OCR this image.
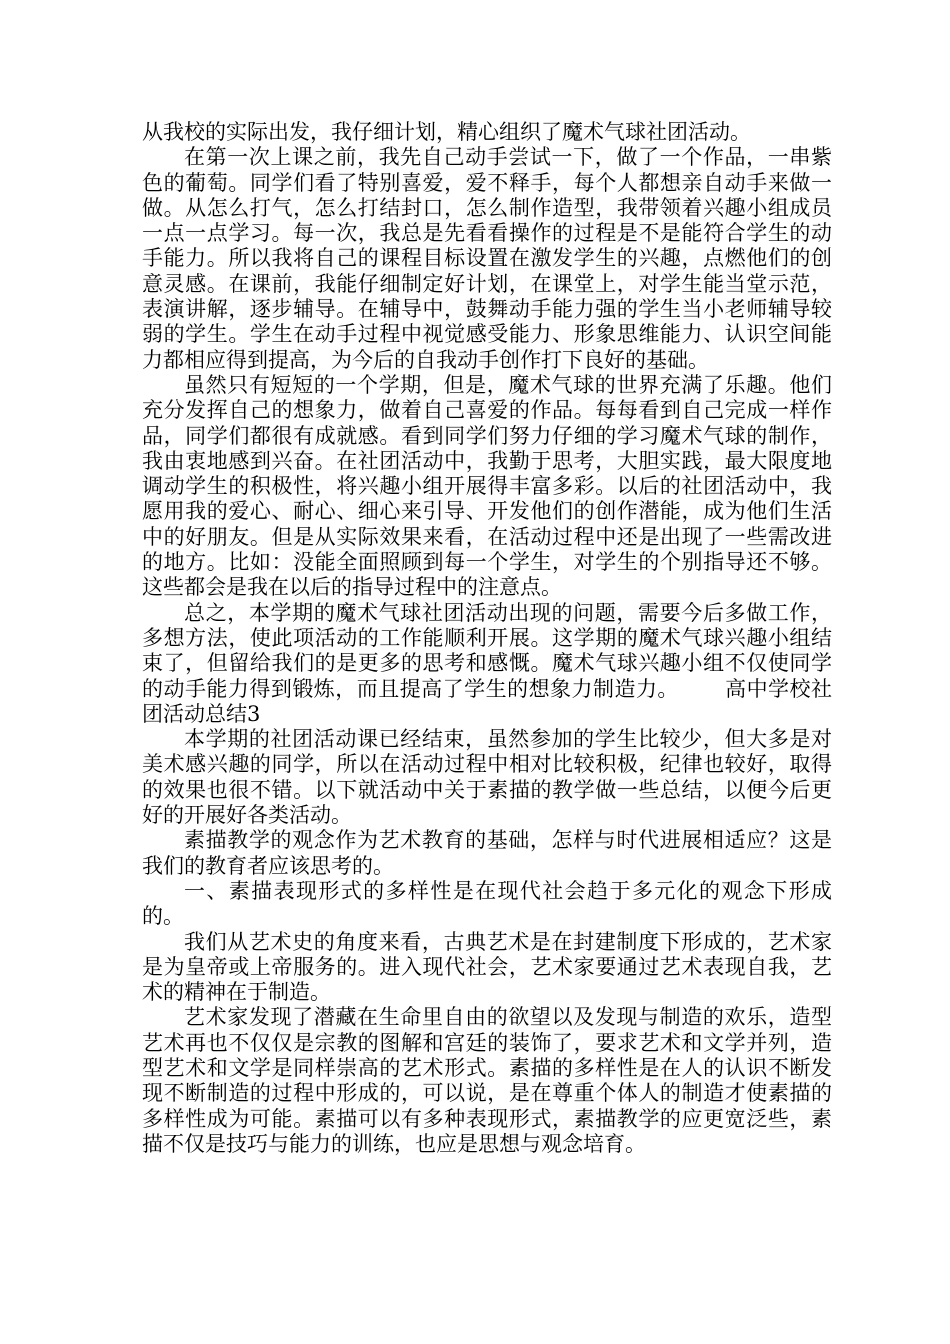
从我校的实际出发，我仔细计划，精心组织了魔术气球社团活动。

在第一次上课之前，我先自己动手尝试一下，做了一个作品，一串紫色的葡萄。同学们看了特别喜爱，爱不释手，每个人都想亲自动手来做一做。从怎么打气，怎么打结封口，怎么制作造型，我带领着兴趣小组成员一点一点学习。每一次，我总是先看看操作的过程是不是能符合学生的动手能力。所以我将自己的课程目标设置在激发学生的兴趣，点燃他们的创意灵感。在课前，我能仔细制定好计划，在课堂上，对学生能当堂示范，表演讲解，逐步辅导。在辅导中，鼓舞动手能力强的学生当小老师辅导较弱的学生。学生在动手过程中视觉感受能力、形象思维能力、认识空间能力都相应得到提高，为今后的自我动手创作打下良好的基础。

虽然只有短短的一个学期，但是，魔术气球的世界充满了乐趣。他们充分发挥自己的想象力，做着自己喜爱的作品。每每看到自己完成一样作品，同学们都很有成就感。看到同学们努力仔细的学习魔术气球的制作，我由衷地感到兴奋。在社团活动中，我勤于思考，大胆实践，最大限度地调动学生的积极性，将兴趣小组开展得丰富多彩。以后的社团活动中，我愿用我的爱心、耐心、细心来引导、开发他们的创作潜能，成为他们生活中的好朋友。但是从实际效果来看，在活动过程中还是出现了一些需改进的地方。比如：没能全面照顾到每一个学生，对学生的个别指导还不够。这些都会是我在以后的指导过程中的注意点。

总之，本学期的魔术气球社团活动出现的问题，需要今后多做工作，多想方法，使此项活动的工作能顺利开展。这学期的魔术气球兴趣小组结束了，但留给我们的是更多的思考和感慨。魔术气球兴趣小组不仅使同学的动手能力得到锻炼，而且提高了学生的想象力制造力。 高中学校社团活动总结3

本学期的社团活动课已经结束，虽然参加的学生比较少，但大多是对美术感兴趣的同学，所以在活动过程中相对比较积极，纪律也较好，取得的效果也很不错。以下就活动中关于素描的教学做一些总结，以便今后更好的开展好各类活动。

素描教学的观念作为艺术教育的基础，怎样与时代进展相适应？这是我们的教育者应该思考的。

一、素描表现形式的多样性是在现代社会趋于多元化的观念下形成的。

我们从艺术史的角度来看，古典艺术是在封建制度下形成的，艺术家是为皇帝或上帝服务的。进入现代社会，艺术家要通过艺术表现自我，艺术的精神在于制造。

艺术家发现了潜藏在生命里自由的欲望以及发现与制造的欢乐，造型艺术再也不仅仅是宗教的图解和宫廷的装饰了，要求艺术和文学并列，造型艺术和文学是同样崇高的艺术形式。素描的多样性是在人的认识不断发现不断制造的过程中形成的，可以说，是在尊重个体人的制造才使素描的多样性成为可能。素描可以有多种表现形式，素描教学的应更宽泛些，素描不仅是技巧与能力的训练，也应是思想与观念培育。
